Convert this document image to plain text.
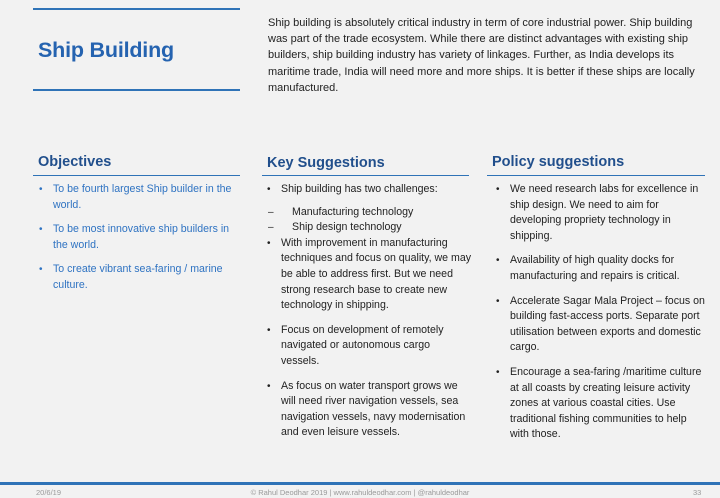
Ship Building
Ship building is absolutely critical industry in term of core industrial power. Ship building was part of the trade ecosystem. While there are distinct advantages with existing ship builders, ship building industry has variety of linkages. Further, as India develops its maritime trade, India will need more and more ships. It is better if these ships are locally manufactured.
Objectives
• To be fourth largest Ship builder in the world.
• To be most innovative ship builders in the world.
• To create vibrant sea-faring / marine culture.
Key Suggestions
• Ship building has two challenges:
– Manufacturing technology
– Ship design technology
• With improvement in manufacturing techniques and focus on quality, we may be able to address first. But we need strong research base to create new technology in shipping.
• Focus on development of remotely navigated or autonomous cargo vessels.
• As focus on water transport grows we will need river navigation vessels, sea navigation vessels, navy modernisation and even leisure vessels.
Policy suggestions
• We need research labs for excellence in ship design. We need to aim for developing propriety technology in shipping.
• Availability of high quality docks for manufacturing and repairs is critical.
• Accelerate Sagar Mala Project – focus on building fast-access ports. Separate port utilisation between exports and domestic cargo.
• Encourage a sea-faring /maritime culture at all coasts by creating leisure activity zones at various coastal cities. Use traditional fishing communities to help with those.
20/6/19	© Rahul Deodhar 2019 | www.rahuldeodhar.com | @rahuldeodhar	33
